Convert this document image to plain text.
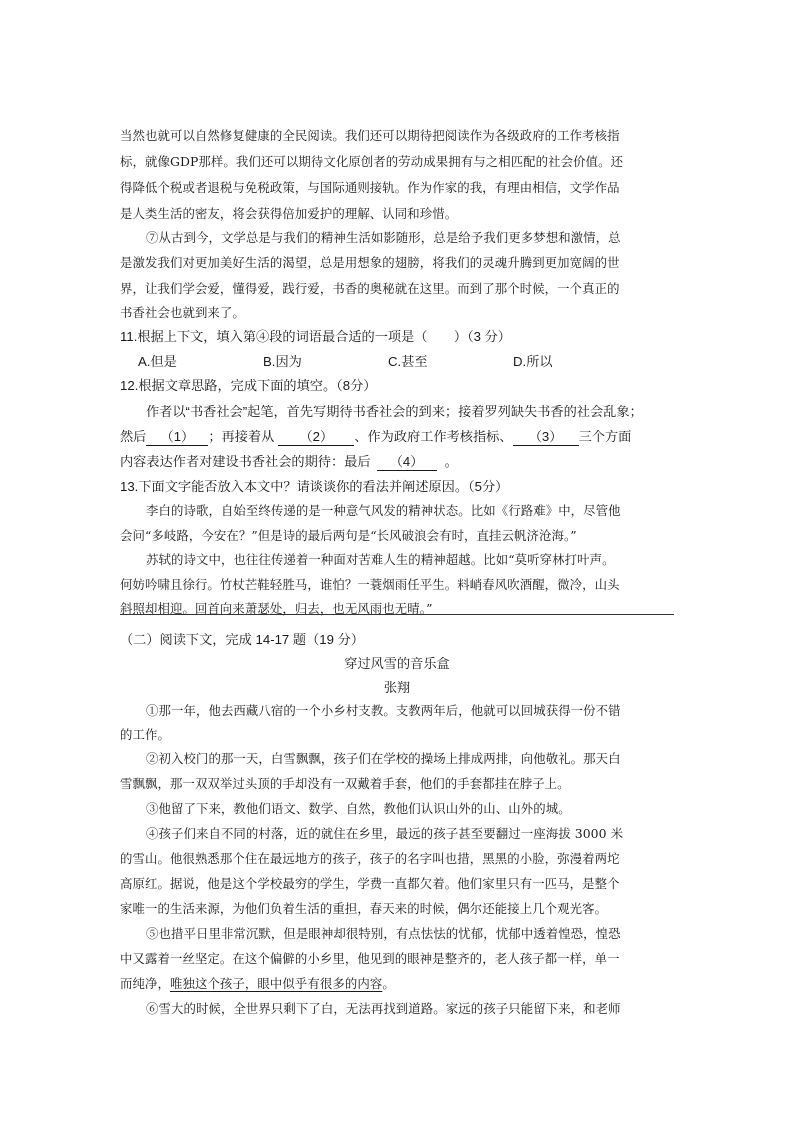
当然也就可以自然修复健康的全民阅读。我们还可以期待把阅读作为各级政府的工作考核指
标，就像GDP那样。我们还可以期待文化原创者的劳动成果拥有与之相匹配的社会价值。还
得降低个税或者退税与免税政策，与国际通则接轨。作为作家的我，有理由相信，文学作品
是人类生活的密友，将会获得倍加爱护的理解、认同和珍惜。
⑦从古到今，文学总是与我们的精神生活如影随形，总是给予我们更多梦想和激情，总
是激发我们对更加美好生活的渴望，总是用想象的翅膀，将我们的灵魂升腾到更加宽阔的世
界，让我们学会爱，懂得爱，践行爱，书香的奥秘就在这里。而到了那个时候，一个真正的
书香社会也就到来了。
11.根据上下文，填入第④段的词语最合适的一项是（　　）（3 分）
A.但是	B.因为	C.甚至	D.所以
12.根据文章思路，完成下面的填空。（8分）
作者以“书香社会”起笔，首先写期待书香社会的到来；接着罗列缺失书香的社会乱象；
然后 （1） ；再接着从 （2） 、作为政府工作考核指标、 （3） 三个方面
内容表达作者对建设书香社会的期待：最后 （4） 。
13.下面文字能否放入本文中？请谈谈你的看法并阐述原因。（5分）
李白的诗歌，自始至终传递的是一种意气风发的精神状态。比如《行路难》中，尽管他
会问“多岐路，今安在？”但是诗的最后两句是“长风破浪会有时，直挂云帆济沧海。”
苏轼的诗文中，也往往传递着一种面对苦难人生的精神超越。比如“莫听穿林打叶声。
何妨吟啸且徐行。竹杖芒鞋轻胜马，谁怕？一蓑烟雨任平生。料峭春风吹酒醒，微冷，山头
斜照却相迎。回首向来萧瑟处，归去，也无风雨也无晴。”
（二）阅读下文，完成 14-17 题（19 分）
穿过风雪的音乐盒
张翔
①那一年，他去西藏八宿的一个小乡村支教。支教两年后，他就可以回城获得一份不错
的工作。
②初入校门的那一天，白雪飘飘，孩子们在学校的操场上排成两排，向他敬礼。那天白
雪飘飘，那一双双举过头顶的手却没有一双戴着手套，他们的手套都挂在脖子上。
③他留了下来，教他们语文、数学、自然，教他们认识山外的山、山外的城。
④孩子们来自不同的村落，近的就住在乡里，最远的孩子甚至要翻过一座海拔 3000 米
的雪山。他很熟悉那个住在最远地方的孩子，孩子的名字叫也措，黑黑的小脸，弥漫着两坨
高原红。据说，他是这个学校最穷的学生，学费一直都欠着。他们家里只有一匹马，是整个
家唯一的生活来源，为他们负着生活的重担，春天来的时候，偶尔还能接上几个观光客。
⑤也措平日里非常沉默，但是眼神却很特别，有点怯怯的忧郁，忧郁中透着惶恐，惶恐
中又露着一丝坚定。在这个偏僻的小乡里，他见到的眼神是整齐的，老人孩子都一样，单一
而纯净，唯独这个孩子，眼中似乎有很多的内容。
⑥雪大的时候，全世界只剩下了白，无法再找到道路。家远的孩子只能留下来，和老师
